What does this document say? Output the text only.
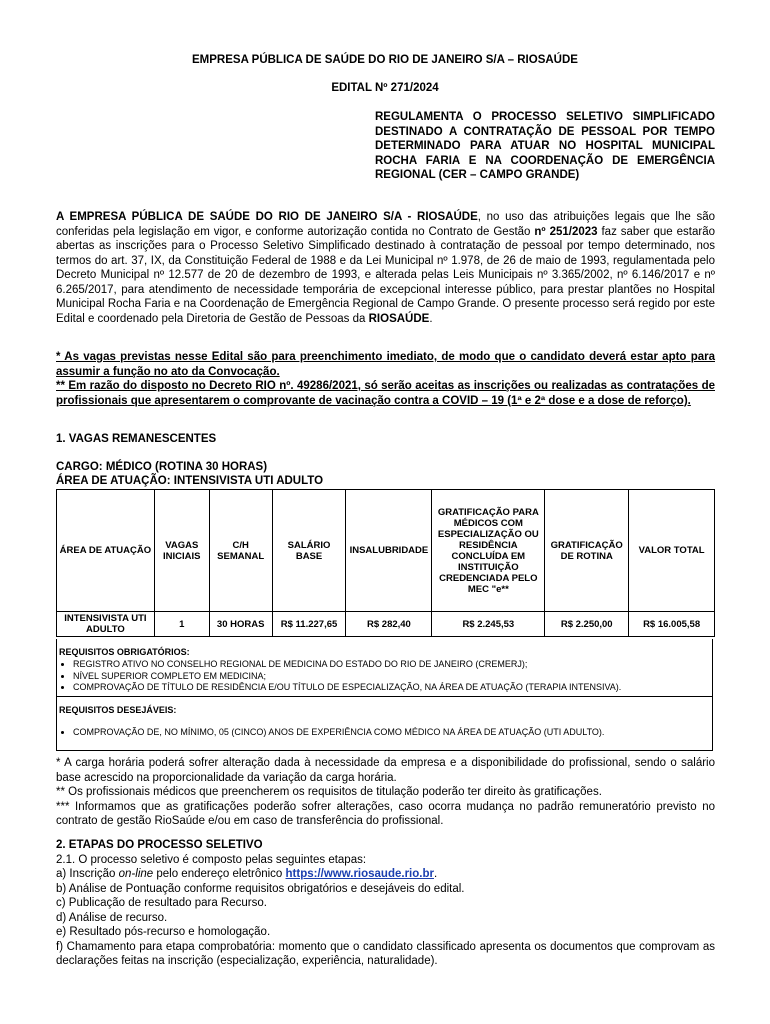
EMPRESA PÚBLICA DE SAÚDE DO RIO DE JANEIRO S/A – RIOSAÚDE
EDITAL Nº 271/2024
REGULAMENTA O PROCESSO SELETIVO SIMPLIFICADO DESTINADO A CONTRATAÇÃO DE PESSOAL POR TEMPO DETERMINADO PARA ATUAR NO HOSPITAL MUNICIPAL ROCHA FARIA E NA COORDENAÇÃO DE EMERGÊNCIA REGIONAL (CER – CAMPO GRANDE)
A EMPRESA PÚBLICA DE SAÚDE DO RIO DE JANEIRO S/A - RIOSAÚDE, no uso das atribuições legais que lhe são conferidas pela legislação em vigor, e conforme autorização contida no Contrato de Gestão nº 251/2023 faz saber que estarão abertas as inscrições para o Processo Seletivo Simplificado destinado à contratação de pessoal por tempo determinado, nos termos do art. 37, IX, da Constituição Federal de 1988 e da Lei Municipal nº 1.978, de 26 de maio de 1993, regulamentada pelo Decreto Municipal nº 12.577 de 20 de dezembro de 1993, e alterada pelas Leis Municipais nº 3.365/2002, nº 6.146/2017 e nº 6.265/2017, para atendimento de necessidade temporária de excepcional interesse público, para prestar plantões no Hospital Municipal Rocha Faria e na Coordenação de Emergência Regional de Campo Grande. O presente processo será regido por este Edital e coordenado pela Diretoria de Gestão de Pessoas da RIOSAÚDE.

* As vagas previstas nesse Edital são para preenchimento imediato, de modo que o candidato deverá estar apto para assumir a função no ato da Convocação.

** Em razão do disposto no Decreto RIO nº. 49286/2021, só serão aceitas as inscrições ou realizadas as contratações de profissionais que apresentarem o comprovante de vacinação contra a COVID – 19 (1ª e 2ª dose e a dose de reforço).

1. VAGAS REMANESCENTES
CARGO: MÉDICO (ROTINA 30 HORAS)
ÁREA DE ATUAÇÃO: INTENSIVISTA UTI ADULTO
ÁREA DE ATUAÇÃO	VAGAS INICIAIS	C/H SEMANAL	SALÁRIO BASE	INSALUBRIDADE	GRATIFICAÇÃO PARA MÉDICOS COM ESPECIALIZAÇÃO OU RESIDÊNCIA CONCLUÍDA EM INSTITUIÇÃO CREDENCIADA PELO MEC "e**	GRATIFICAÇÃO DE ROTINA	VALOR TOTAL
INTENSIVISTA UTI ADULTO	1	30 HORAS	R$ 11.227,65	R$ 282,40	R$ 2.245,53	R$ 2.250,00	R$ 16.005,58
REQUISITOS OBRIGATÓRIOS:
• REGISTRO ATIVO NO CONSELHO REGIONAL DE MEDICINA DO ESTADO DO RIO DE JANEIRO (CREMERJ);
• NÍVEL SUPERIOR COMPLETO EM MEDICINA;
• COMPROVAÇÃO DE TÍTULO DE RESIDÊNCIA E/OU TÍTULO DE ESPECIALIZAÇÃO, NA ÁREA DE ATUAÇÃO (TERAPIA INTENSIVA).
REQUISITOS DESEJÁVEIS:
• COMPROVAÇÃO DE, NO MÍNIMO, 05 (CINCO) ANOS DE EXPERIÊNCIA COMO MÉDICO NA ÁREA DE ATUAÇÃO (UTI ADULTO).

* A carga horária poderá sofrer alteração dada à necessidade da empresa e a disponibilidade do profissional, sendo o salário base acrescido na proporcionalidade da variação da carga horária.

** Os profissionais médicos que preencherem os requisitos de titulação poderão ter direito às gratificações.

*** Informamos que as gratificações poderão sofrer alterações, caso ocorra mudança no padrão remuneratório previsto no contrato de gestão RioSaúde e/ou em caso de transferência do profissional.

2. ETAPAS DO PROCESSO SELETIVO

2.1. O processo seletivo é composto pelas seguintes etapas:

a) Inscrição on-line pelo endereço eletrônico https://www.riosaude.rio.br.

b) Análise de Pontuação conforme requisitos obrigatórios e desejáveis do edital.

c) Publicação de resultado para Recurso.

d) Análise de recurso.

e) Resultado pós-recurso e homologação.

f) Chamamento para etapa comprobatória: momento que o candidato classificado apresenta os documentos que comprovam as declarações feitas na inscrição (especialização, experiência, naturalidade).
